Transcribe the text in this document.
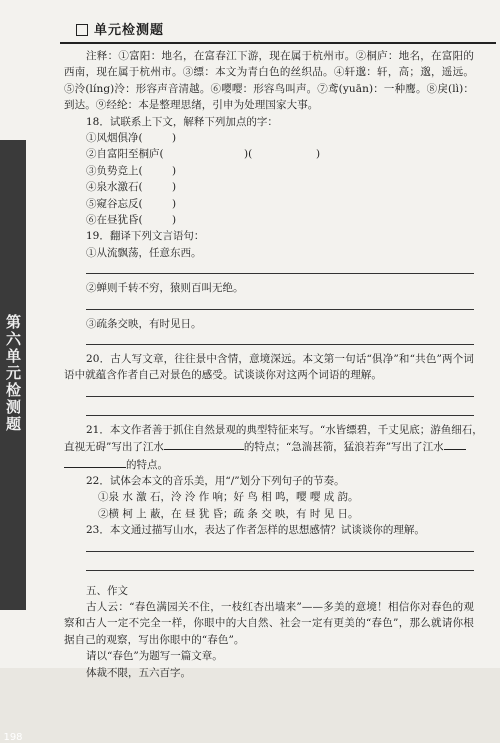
单元检测题
第六单元检测题
198
注释：①富阳：地名，在富春江下游，现在属于杭州市。②桐庐：地名，在富阳的西南，现在属于杭州市。③缥：本文为青白色的丝织品。④轩邈：轩，高；邈，遥远。⑤泠(líng)泠：形容声音清越。⑥嘤嘤：形容鸟叫声。⑦鸢(yuān)：一种鹰。⑧戾(lì)：到达。⑨经纶：本是整理思绪，引申为处理国家大事。
18．试联系上下文，解释下列加点的字：
①风烟俱净(	)
②自富阳至桐庐(	)(	)
③负势竞上(	)
④泉水激石(	)
⑤窥谷忘反(	)
⑥在昼犹昏(	)
19．翻译下列文言语句：
①从流飘荡，任意东西。
②蝉则千转不穷，猿则百叫无绝。
③疏条交映，有时见日。
20．古人写文章，往往景中含情，意境深远。本文第一句话“俱净”和“共色”两个词语中就蕴含作者自己对景色的感受。试谈谈你对这两个词语的理解。
21．本文作者善于抓住自然景观的典型特征来写。“水皆缥碧，千丈见底；游鱼细石，
直视无碍”写出了江水	的特点；“急湍甚箭，猛浪若奔”写出了江水
的特点。
22．试体会本文的音乐美，用“/”划分下列句子的节奏。
①泉 水 激 石，泠 泠 作 响；好 鸟 相 鸣，嘤 嘤 成 韵。
②横 柯 上 蔽，在 昼 犹 昏；疏 条 交 映，有 时 见 日。
23．本文通过描写山水，表达了作者怎样的思想感情？试谈谈你的理解。
五、作文
古人云：“春色满园关不住，一枝红杏出墙来”——多美的意境！相信你对春色的观察和古人一定不完全一样，你眼中的大自然、社会一定有更美的“春色”，那么就请你根据自己的观察，写出你眼中的“春色”。
请以“春色”为题写一篇文章。
体裁不限，五六百字。
